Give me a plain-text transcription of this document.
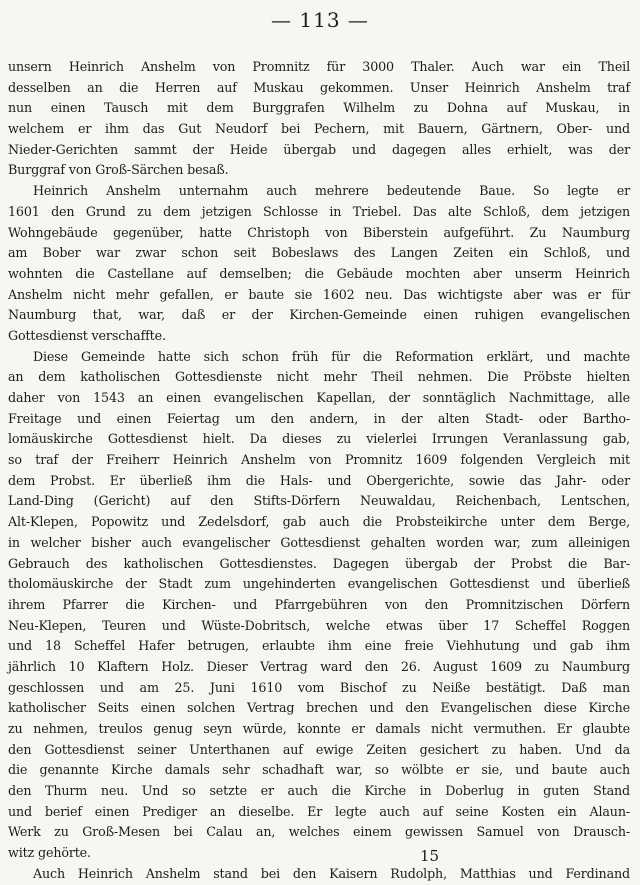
— 113 —
unsern Heinrich Anshelm von Promnitz für 3000 Thaler. Auch war ein Theil
desselben an die Herren auf Muskau gekommen. Unser Heinrich Anshelm traf
nun einen Tausch mit dem Burggrafen Wilhelm zu Dohna auf Muskau, in
welchem er ihm das Gut Neudorf bei Pechern, mit Bauern, Gärtnern, Ober- und
Nieder-Gerichten sammt der Heide übergab und dagegen alles erhielt, was der
Burggraf von Groß-Särchen besaß.
Heinrich Anshelm unternahm auch mehrere bedeutende Baue. So legte er
1601 den Grund zu dem jetzigen Schlosse in Triebel. Das alte Schloß, dem jetzigen
Wohngebäude gegenüber, hatte Christoph von Biberstein aufgeführt. Zu Naumburg
am Bober war zwar schon seit Bobeslaws des Langen Zeiten ein Schloß, und
wohnten die Castellane auf demselben; die Gebäude mochten aber unserm Heinrich
Anshelm nicht mehr gefallen, er baute sie 1602 neu. Das wichtigste aber was er für
Naumburg that, war, daß er der Kirchen-Gemeinde einen ruhigen evangelischen
Gottesdienst verschaffte.
Diese Gemeinde hatte sich schon früh für die Reformation erklärt, und machte
an dem katholischen Gottesdienste nicht mehr Theil nehmen. Die Pröbste hielten
daher von 1543 an einen evangelischen Kapellan, der sonntäglich Nachmittage, alle
Freitage und einen Feiertag um den andern, in der alten Stadt- oder Bartho-
lomäuskirche Gottesdienst hielt. Da dieses zu vielerlei Irrungen Veranlassung gab,
so traf der Freiherr Heinrich Anshelm von Promnitz 1609 folgenden Vergleich mit
dem Probst. Er überließ ihm die Hals- und Obergerichte, sowie das Jahr- oder
Land-Ding (Gericht) auf den Stifts-Dörfern Neuwaldau, Reichenbach, Lentschen,
Alt-Klepen, Popowitz und Zedelsdorf, gab auch die Probsteikirche unter dem Berge,
in welcher bisher auch evangelischer Gottesdienst gehalten worden war, zum alleinigen
Gebrauch des katholischen Gottesdienstes. Dagegen übergab der Probst die Bar-
tholomäuskirche der Stadt zum ungehinderten evangelischen Gottesdienst und überließ
ihrem Pfarrer die Kirchen- und Pfarrgebühren von den Promnitzischen Dörfern
Neu-Klepen, Teuren und Wüste-Dobritsch, welche etwas über 17 Scheffel Roggen
und 18 Scheffel Hafer betrugen, erlaubte ihm eine freie Viehhutung und gab ihm
jährlich 10 Klaftern Holz. Dieser Vertrag ward den 26. August 1609 zu Naumburg
geschlossen und am 25. Juni 1610 vom Bischof zu Neiße bestätigt. Daß man
katholischer Seits einen solchen Vertrag brechen und den Evangelischen diese Kirche
zu nehmen, treulos genug seyn würde, konnte er damals nicht vermuthen. Er glaubte
den Gottesdienst seiner Unterthanen auf ewige Zeiten gesichert zu haben. Und da
die genannte Kirche damals sehr schadhaft war, so wölbte er sie, und baute auch
den Thurm neu. Und so setzte er auch die Kirche in Doberlug in guten Stand
und berief einen Prediger an dieselbe. Er legte auch auf seine Kosten ein Alaun-
Werk zu Groß-Mesen bei Calau an, welches einem gewissen Samuel von Drausch-
witz gehörte.
Auch Heinrich Anshelm stand bei den Kaisern Rudolph, Matthias und Ferdinand
15
